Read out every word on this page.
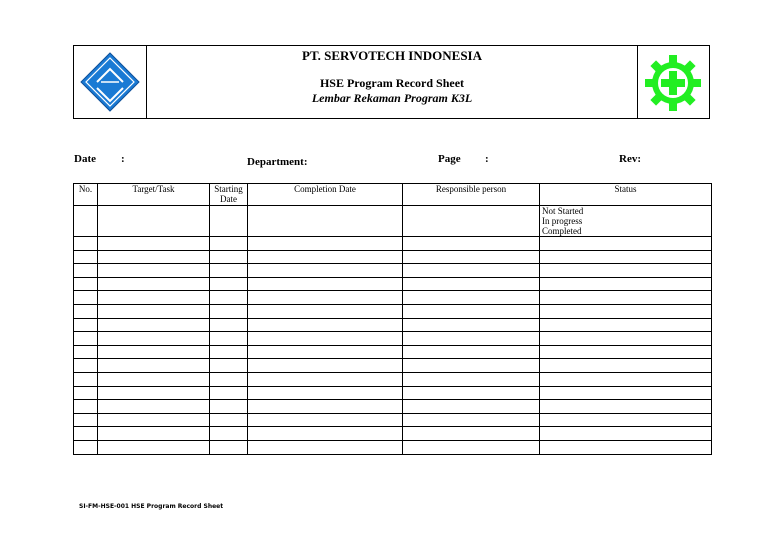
PT. SERVOTECH INDONESIA
HSE Program Record Sheet
Lembar Rekaman Program K3L
Date :	Department:	Page :	Rev:
No.	Target/Task	Starting Date	Completion Date	Responsible person	Status

					Not Started
In progress
Completed

SI-FM-HSE-001 HSE Program Record Sheet
